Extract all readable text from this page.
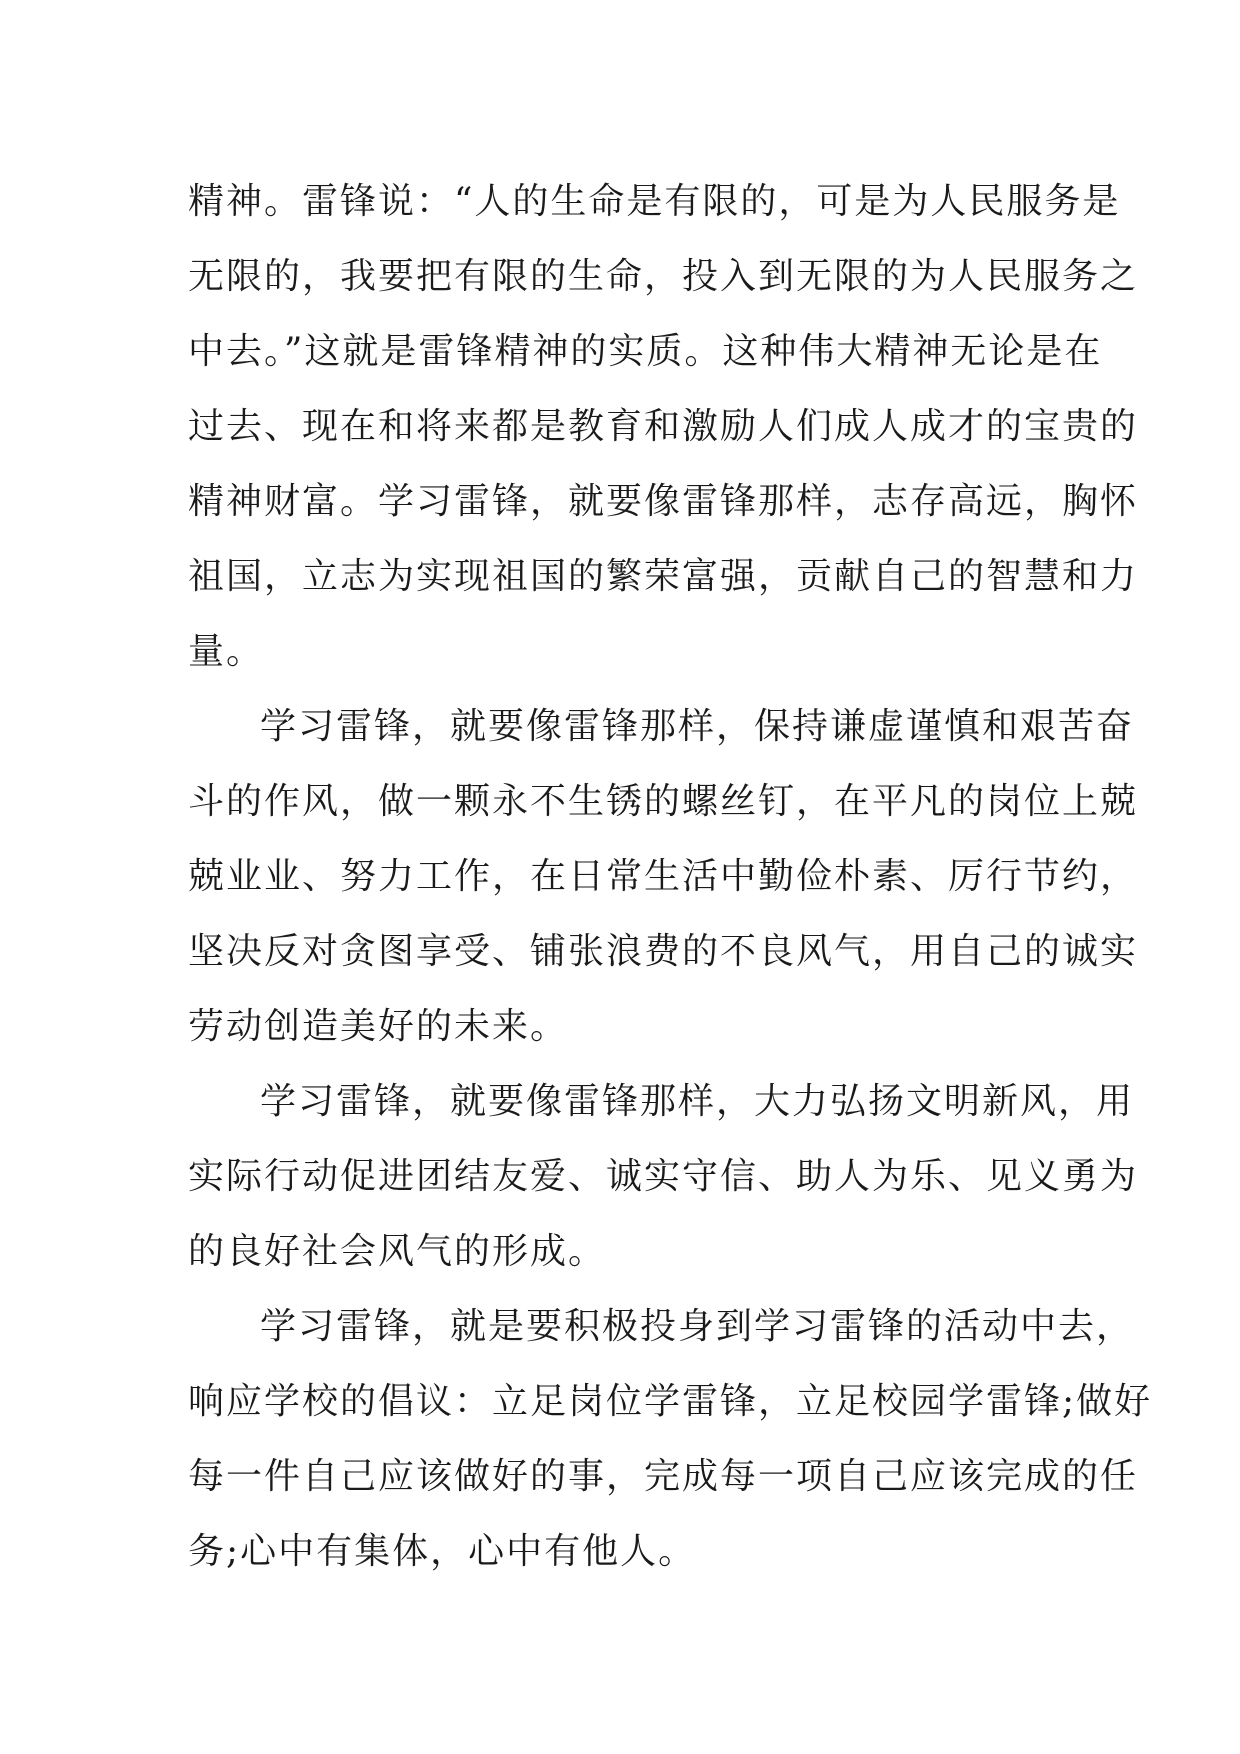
精神。雷锋说：“人的生命是有限的，可是为人民服务是
无限的，我要把有限的生命，投入到无限的为人民服务之
中去。”这就是雷锋精神的实质。这种伟大精神无论是在
过去、现在和将来都是教育和激励人们成人成才的宝贵的
精神财富。学习雷锋，就要像雷锋那样，志存高远，胸怀
祖国，立志为实现祖国的繁荣富强，贡献自己的智慧和力
量。

学习雷锋，就要像雷锋那样，保持谦虚谨慎和艰苦奋
斗的作风，做一颗永不生锈的螺丝钉，在平凡的岗位上兢
兢业业、努力工作，在日常生活中勤俭朴素、厉行节约，
坚决反对贪图享受、铺张浪费的不良风气，用自己的诚实
劳动创造美好的未来。

学习雷锋，就要像雷锋那样，大力弘扬文明新风，用
实际行动促进团结友爱、诚实守信、助人为乐、见义勇为
的良好社会风气的形成。

学习雷锋，就是要积极投身到学习雷锋的活动中去，
响应学校的倡议：立足岗位学雷锋，立足校园学雷锋;做好
每一件自己应该做好的事，完成每一项自己应该完成的任
务;心中有集体，心中有他人。
